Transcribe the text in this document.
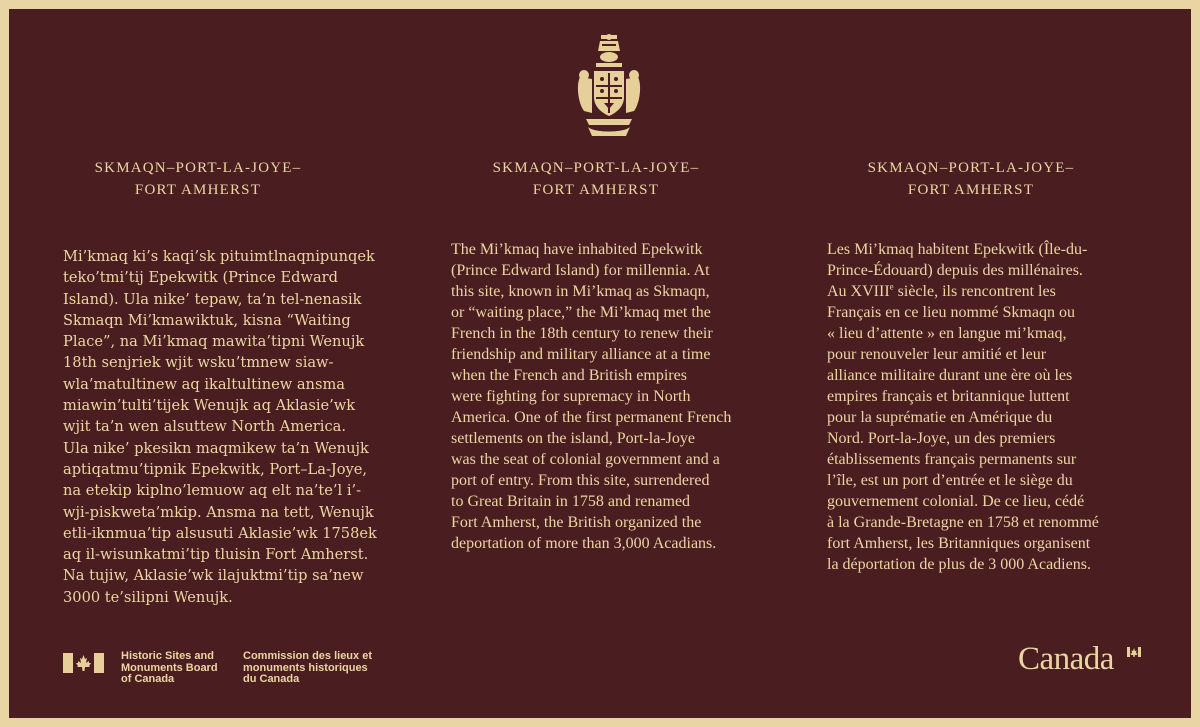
SKMAQN–PORT-LA-JOYE–
FORT AMHERST

Mi’kmaq ki’s kaqi’sk pituimtlnaqnipunqek
teko’tmi’tij Epekwitk (Prince Edward
Island). Ula nike’ tepaw, ta’n tel-nenasik
Skmaqn Mi’kmawiktuk, kisna “Waiting
Place”, na Mi’kmaq mawita’tipni Wenujk
18th senjriek wjit wsku’tmnew siaw-
wla’matultinew aq ikaltultinew ansma
miawin’tulti’tijek Wenujk aq Aklasie’wk
wjit ta’n wen alsuttew North America.
Ula nike’ pkesikn maqmikew ta’n Wenujk
aptiqatmu’tipnik Epekwitk, Port–La-Joye,
na etekip kiplno’lemuow aq elt na’te’l i’-
wji-piskweta’mkip. Ansma na tett, Wenujk
etli-iknmua’tip alsusuti Aklasie’wk 1758ek
aq il-wisunkatmi’tip tluisin Fort Amherst.
Na tujiw, Aklasie’wk ilajuktmi’tip sa’new
3000 te’silipni Wenujk.

SKMAQN–PORT-LA-JOYE–
FORT AMHERST

The Mi’kmaq have inhabited Epekwitk
(Prince Edward Island) for millennia. At
this site, known in Mi’kmaq as Skmaqn,
or “waiting place,” the Mi’kmaq met the
French in the 18th century to renew their
friendship and military alliance at a time
when the French and British empires
were fighting for supremacy in North
America. One of the first permanent French
settlements on the island, Port-la-Joye
was the seat of colonial government and a
port of entry. From this site, surrendered
to Great Britain in 1758 and renamed
Fort Amherst, the British organized the
deportation of more than 3,000 Acadians.

SKMAQN–PORT-LA-JOYE–
FORT AMHERST

Les Mi’kmaq habitent Epekwitk (Île-du-
Prince-Édouard) depuis des millénaires.
Au XVIIIe siècle, ils rencontrent les
Français en ce lieu nommé Skmaqn ou
« lieu d’attente » en langue mi’kmaq,
pour renouveler leur amitié et leur
alliance militaire durant une ère où les
empires français et britannique luttent
pour la suprématie en Amérique du
Nord. Port-la-Joye, un des premiers
établissements français permanents sur
l’île, est un port d’entrée et le siège du
gouvernement colonial. De ce lieu, cédé
à la Grande-Bretagne en 1758 et renommé
fort Amherst, les Britanniques organisent
la déportation de plus de 3 000 Acadiens.
Historic Sites and
Monuments Board
of Canada
Commission des lieux et
monuments historiques
du Canada
Canada
